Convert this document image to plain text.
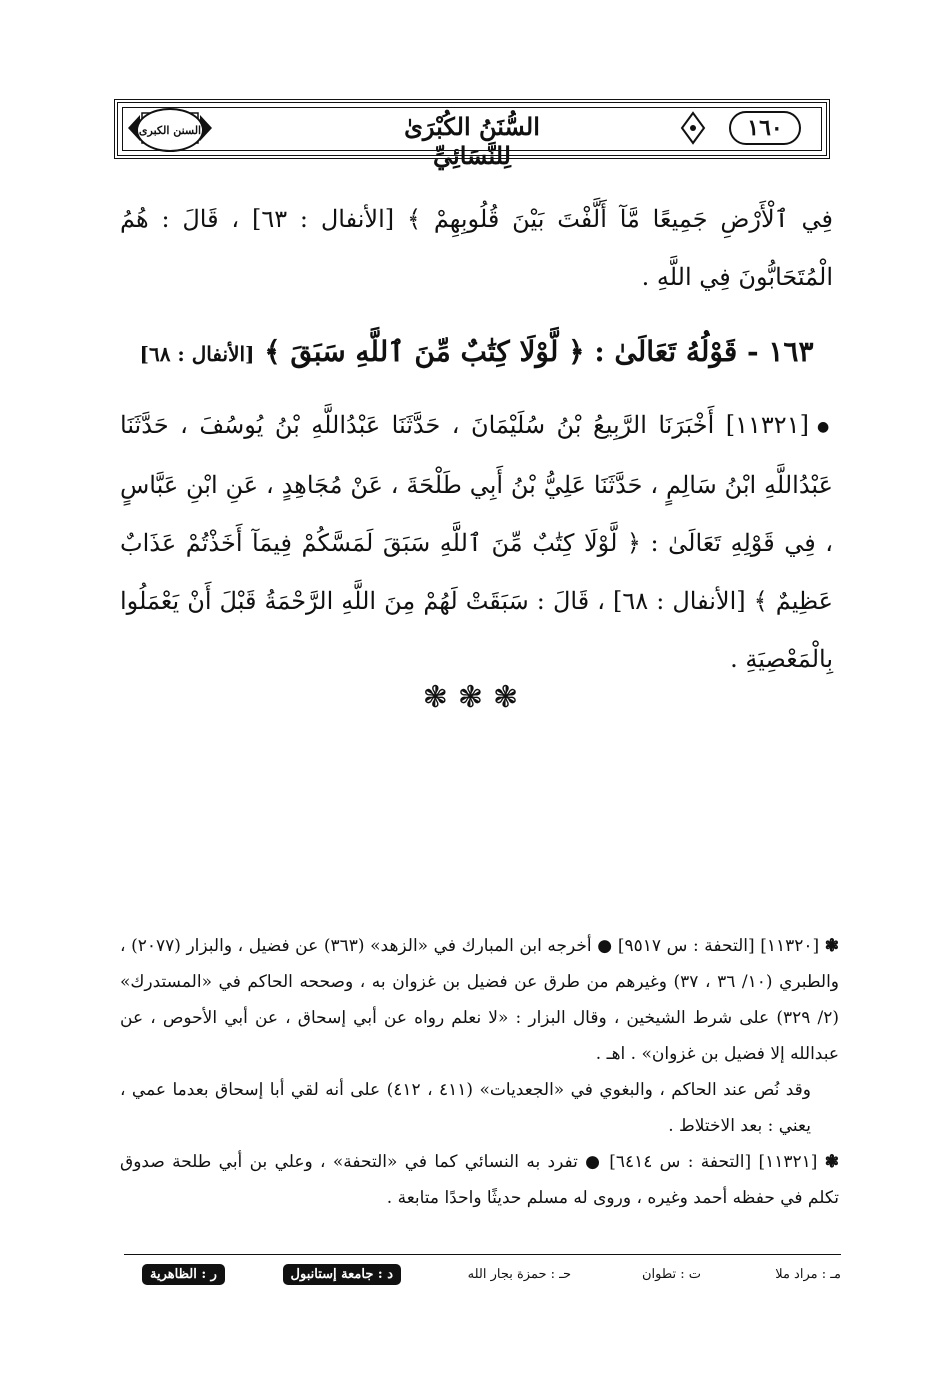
١٦٠
السُّنَنُ الكُبْرَىٰ لِلنَّسَائِيِّ
السنن الكبرى

فِي ٱلْأَرْضِ جَمِيعًا مَّآ أَلَّفْتَ بَيْنَ قُلُوبِهِمْ ﴾ [الأنفال : ٦٣] ، قَالَ : هُمُ الْمُتَحَابُّونَ فِي اللَّهِ .

١٦٣ - قَوْلُهُ تَعَالَىٰ : ﴿ لَّوْلَا كِتَٰبٌ مِّنَ ٱللَّهِ سَبَقَ ﴾ [الأنفال : ٦٨]

●[١١٣٢١] أَخْبَرَنَا الرَّبِيعُ بْنُ سُلَيْمَانَ ، حَدَّثَنَا عَبْدُاللَّهِ بْنُ يُوسُفَ ، حَدَّثَنَا عَبْدُاللَّهِ ابْنُ سَالِمٍ ، حَدَّثَنَا عَلِيُّ بْنُ أَبِي طَلْحَةَ ، عَنْ مُجَاهِدٍ ، عَنِ ابْنِ عَبَّاسٍ ، فِي قَوْلِهِ تَعَالَىٰ : ﴿ لَّوْلَا كِتَٰبٌ مِّنَ ٱللَّهِ سَبَقَ لَمَسَّكُمْ فِيمَآ أَخَذْتُمْ عَذَابٌ عَظِيمٌ ﴾ [الأنفال : ٦٨] ، قَالَ : سَبَقَتْ لَهُمْ مِنَ اللَّهِ الرَّحْمَةُ قَبْلَ أَنْ يَعْمَلُوا بِالْمَعْصِيَةِ .

❃❃❃

❃ [١١٣٢٠] [التحفة : س ٩٥١٧] ● أخرجه ابن المبارك في «الزهد» (٣٦٣) عن فضيل ، والبزار (٢٠٧٧) ، والطبري (١٠/ ٣٦ ، ٣٧) وغيرهم من طرق عن فضيل بن غزوان به ، وصححه الحاكم في «المستدرك» (٢/ ٣٢٩) على شرط الشيخين ، وقال البزار : «لا نعلم رواه عن أبي إسحاق ، عن أبي الأحوص ، عن عبدالله إلا فضيل بن غزوان» . اهـ .

وقد نُص عند الحاكم ، والبغوي في «الجعديات» (٤١١ ، ٤١٢) على أنه لقي أبا إسحاق بعدما عمي ، يعني : بعد الاختلاط .

❃ [١١٣٢١] [التحفة : س ٦٤١٤] ● تفرد به النسائي كما في «التحفة» ، وعلي بن أبي طلحة صدوق تكلم في حفظه أحمد وغيره ، وروى له مسلم حديثًا واحدًا متابعة .

مـ : مراد ملا
ت : تطوان
حـ : حمزة بجار الله
د : جامعة إستانبول
ر : الظاهرية
